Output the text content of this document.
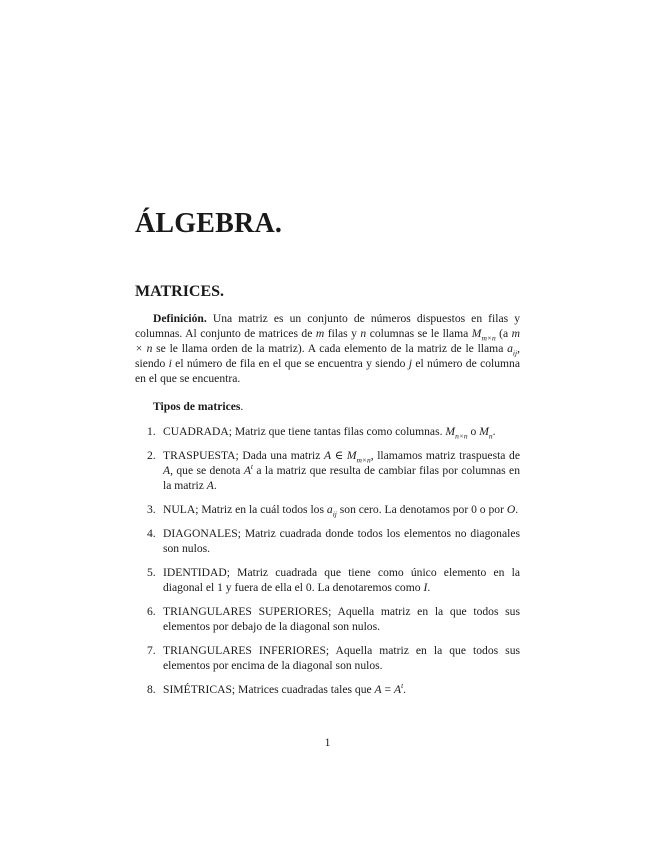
ÁLGEBRA.
MATRICES.

Definición. Una matriz es un conjunto de números dispuestos en filas y columnas. Al conjunto de matrices de m filas y n columnas se le llama $M_{m\times n}$ (a m × n se le llama orden de la matriz). A cada elemento de la matriz de le llama $a_{ij}$, siendo i el número de fila en el que se encuentra y siendo j el número de columna en el que se encuentra.

Tipos de matrices.

1. CUADRADA; Matriz que tiene tantas filas como columnas. $M_{n\times n}$ o $M_n$.
2. TRASPUESTA; Dada una matriz A ∈ $M_{m\times n}$, llamamos matriz traspuesta de A, que se denota $A^t$ a la matriz que resulta de cambiar filas por columnas en la matriz A.
3. NULA; Matriz en la cuál todos los $a_{ij}$ son cero. La denotamos por 0 o por O.
4. DIAGONALES; Matriz cuadrada donde todos los elementos no diagonales son nulos.
5. IDENTIDAD; Matriz cuadrada que tiene como único elemento en la diagonal el 1 y fuera de ella el 0. La denotaremos como I.
6. TRIANGULARES SUPERIORES; Aquella matriz en la que todos sus elementos por debajo de la diagonal son nulos.
7. TRIANGULARES INFERIORES; Aquella matriz en la que todos sus elementos por encima de la diagonal son nulos.
8. SIMÉTRICAS; Matrices cuadradas tales que $A = A^t$.
1
